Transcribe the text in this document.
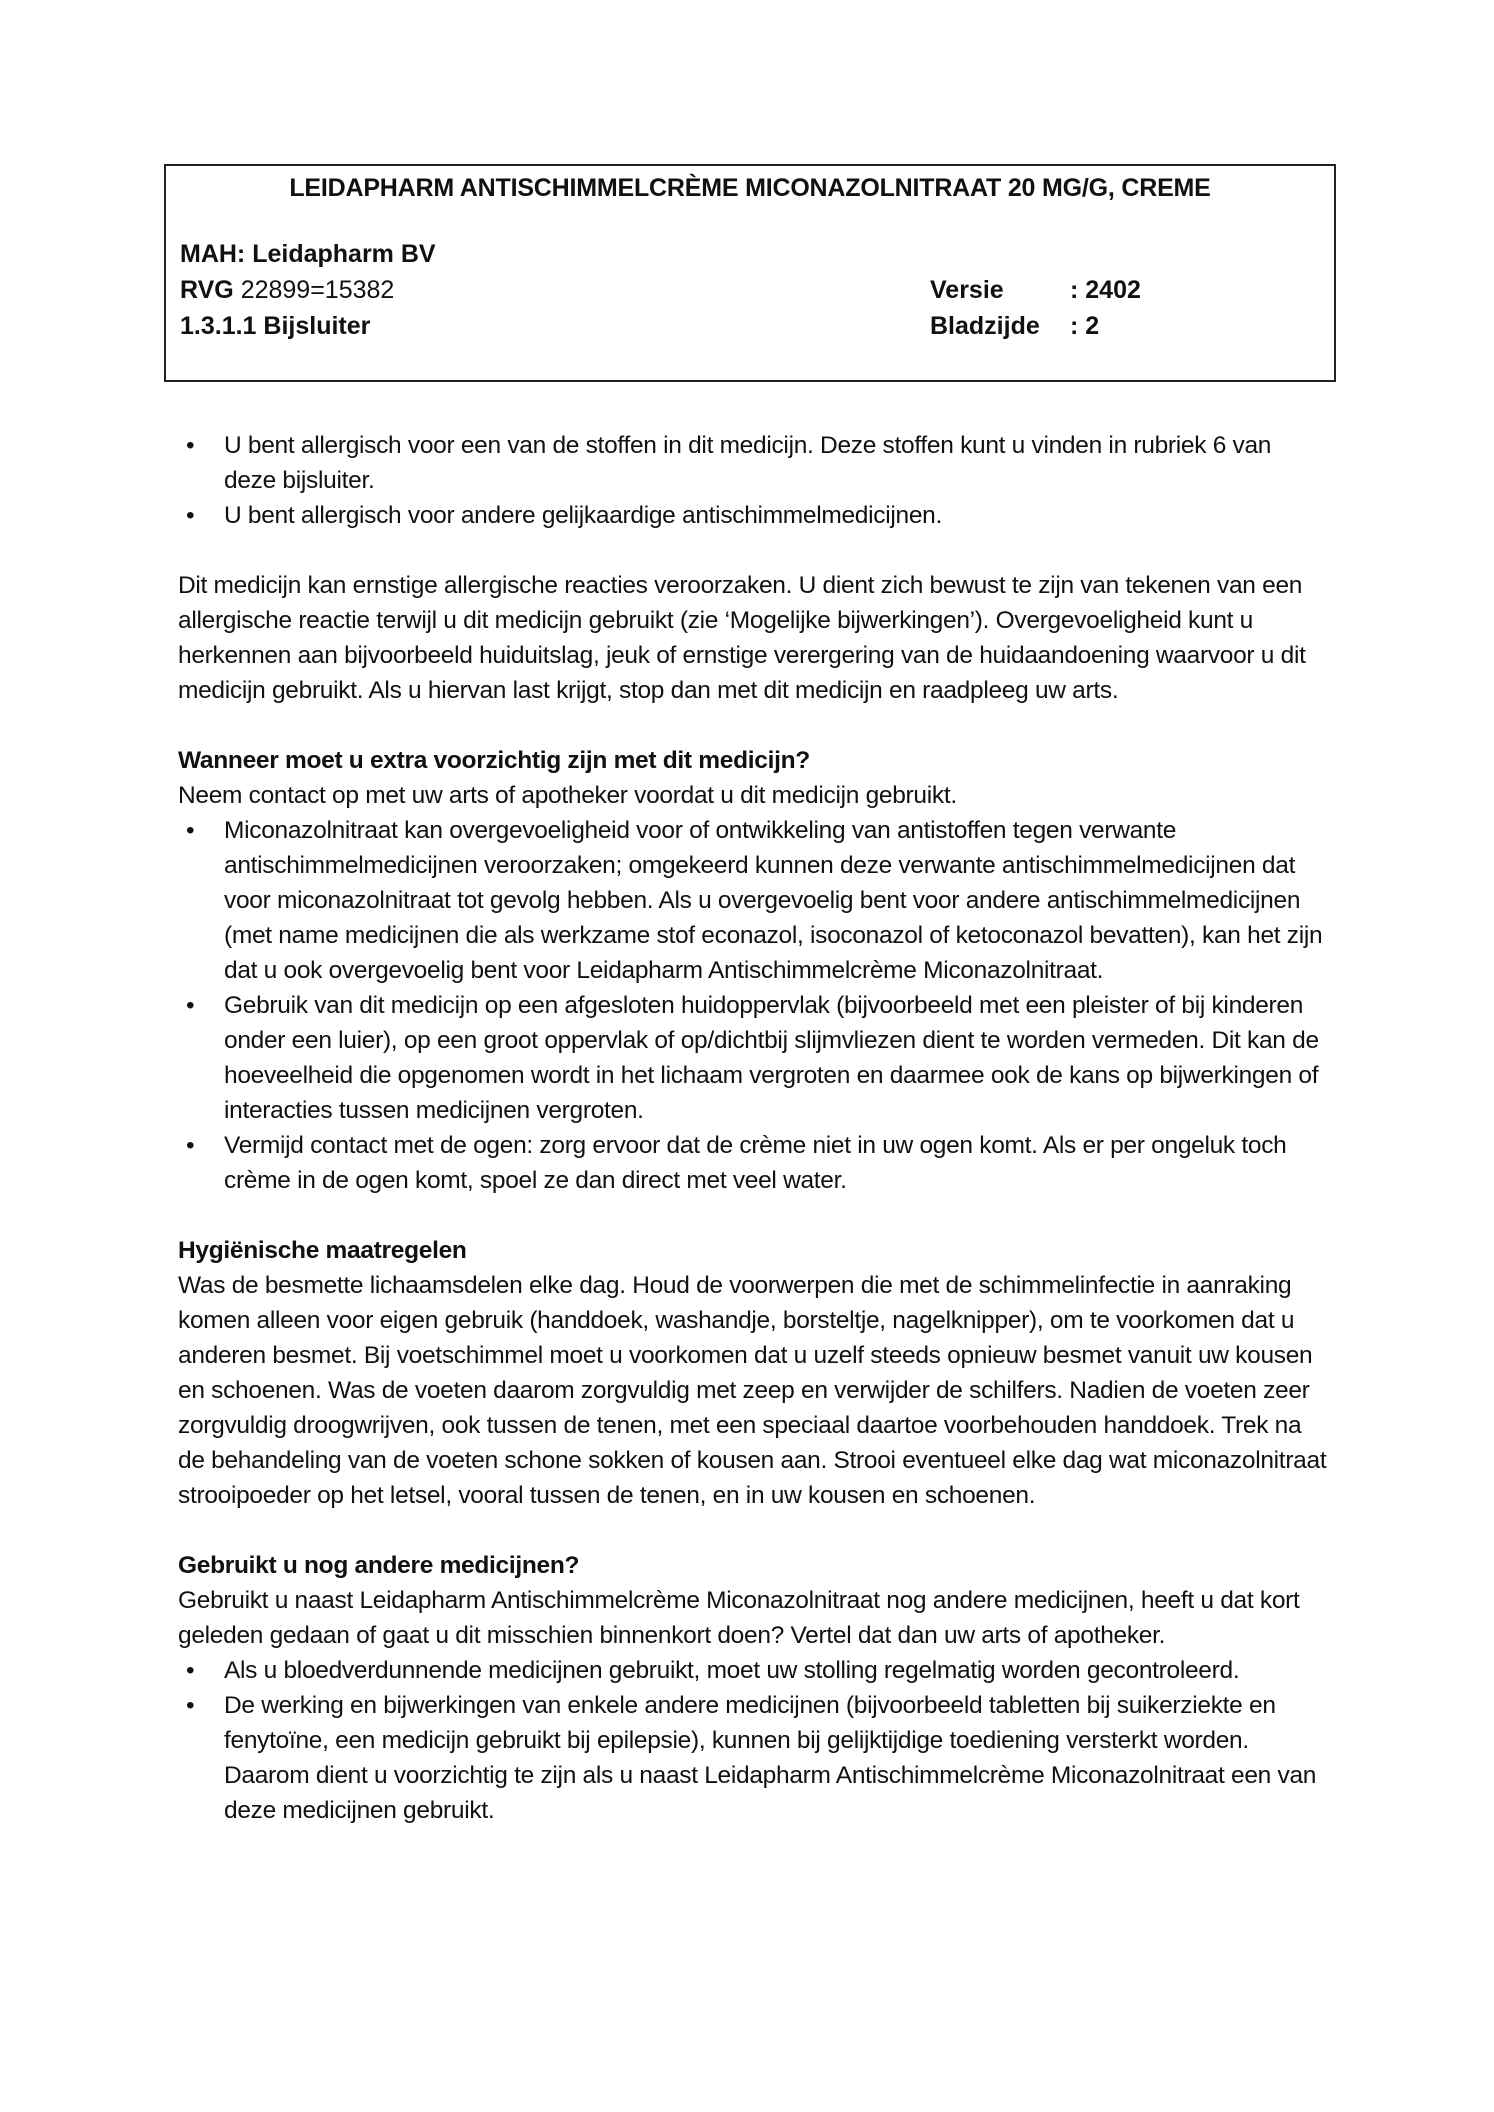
LEIDAPHARM ANTISCHIMMELCRÈME MICONAZOLNITRAAT 20 MG/G, CREME
MAH: Leidapharm BV
RVG 22899=15382
1.3.1.1 Bijsluiter
Versie	: 2402
Bladzijde : 2
• U bent allergisch voor een van de stoffen in dit medicijn. Deze stoffen kunt u vinden in rubriek 6 van deze bijsluiter.
• U bent allergisch voor andere gelijkaardige antischimmelmedicijnen.

Dit medicijn kan ernstige allergische reacties veroorzaken. U dient zich bewust te zijn van tekenen van een allergische reactie terwijl u dit medicijn gebruikt (zie ‘Mogelijke bijwerkingen’). Overgevoeligheid kunt u herkennen aan bijvoorbeeld huiduitslag, jeuk of ernstige verergering van de huidaandoening waarvoor u dit medicijn gebruikt. Als u hiervan last krijgt, stop dan met dit medicijn en raadpleeg uw arts.

Wanneer moet u extra voorzichtig zijn met dit medicijn?

Neem contact op met uw arts of apotheker voordat u dit medicijn gebruikt.

• Miconazolnitraat kan overgevoeligheid voor of ontwikkeling van antistoffen tegen verwante antischimmelmedicijnen veroorzaken; omgekeerd kunnen deze verwante antischimmelmedicijnen dat voor miconazolnitraat tot gevolg hebben. Als u overgevoelig bent voor andere antischimmelmedicijnen (met name medicijnen die als werkzame stof econazol, isoconazol of ketoconazol bevatten), kan het zijn dat u ook overgevoelig bent voor Leidapharm Antischimmelcrème Miconazolnitraat.
• Gebruik van dit medicijn op een afgesloten huidoppervlak (bijvoorbeeld met een pleister of bij kinderen onder een luier), op een groot oppervlak of op/dichtbij slijmvliezen dient te worden vermeden. Dit kan de hoeveelheid die opgenomen wordt in het lichaam vergroten en daarmee ook de kans op bijwerkingen of interacties tussen medicijnen vergroten.
• Vermijd contact met de ogen: zorg ervoor dat de crème niet in uw ogen komt. Als er per ongeluk toch crème in de ogen komt, spoel ze dan direct met veel water.
Hygiënische maatregelen

Was de besmette lichaamsdelen elke dag. Houd de voorwerpen die met de schimmelinfectie in aanraking komen alleen voor eigen gebruik (handdoek, washandje, borsteltje, nagelknipper), om te voorkomen dat u anderen besmet. Bij voetschimmel moet u voorkomen dat u uzelf steeds opnieuw besmet vanuit uw kousen en schoenen. Was de voeten daarom zorgvuldig met zeep en verwijder de schilfers. Nadien de voeten zeer zorgvuldig droogwrijven, ook tussen de tenen, met een speciaal daartoe voorbehouden handdoek. Trek na de behandeling van de voeten schone sokken of kousen aan. Strooi eventueel elke dag wat miconazolnitraat strooipoeder op het letsel, vooral tussen de tenen, en in uw kousen en schoenen.

Gebruikt u nog andere medicijnen?

Gebruikt u naast Leidapharm Antischimmelcrème Miconazolnitraat nog andere medicijnen, heeft u dat kort geleden gedaan of gaat u dit misschien binnenkort doen? Vertel dat dan uw arts of apotheker.

• Als u bloedverdunnende medicijnen gebruikt, moet uw stolling regelmatig worden gecontroleerd.
• De werking en bijwerkingen van enkele andere medicijnen (bijvoorbeeld tabletten bij suikerziekte en fenytoïne, een medicijn gebruikt bij epilepsie), kunnen bij gelijktijdige toediening versterkt worden. Daarom dient u voorzichtig te zijn als u naast Leidapharm Antischimmelcrème Miconazolnitraat een van deze medicijnen gebruikt.
